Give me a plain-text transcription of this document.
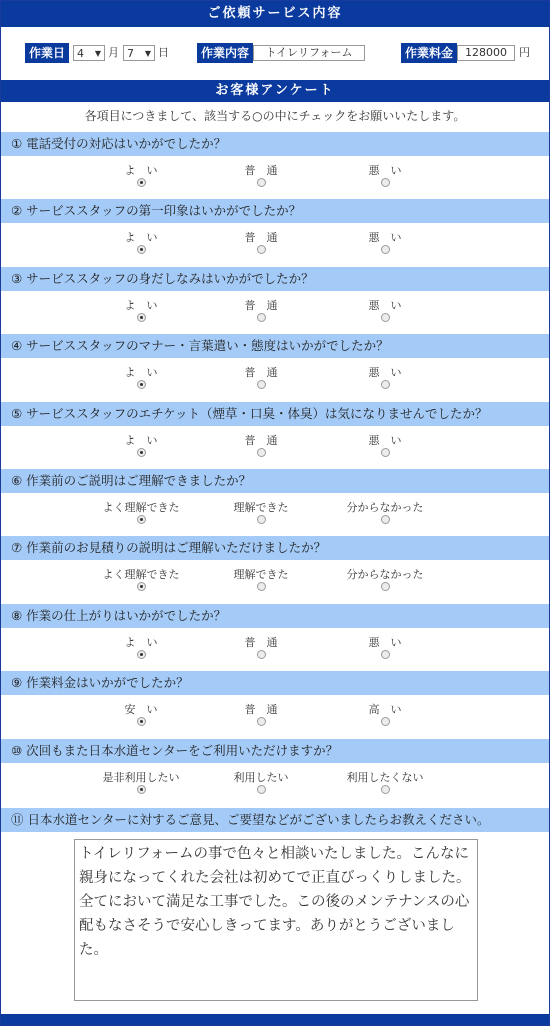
ご依頼サービス内容
作業日	4 ▼ 月 7 ▼ 日	作業内容	トイレリフォーム	作業料金	128000	円
お客様アンケート
各項目につきまして、該当する○の中にチェックをお願いいたします。
① 電話受付の対応はいかがでしたか？
よ　い	普　通	悪　い
② サービススタッフの第一印象はいかがでしたか？
よ　い	普　通	悪　い
③ サービススタッフの身だしなみはいかがでしたか？
よ　い	普　通	悪　い
④ サービススタッフのマナー・言葉遣い・態度はいかがでしたか？
よ　い	普　通	悪　い
⑤ サービススタッフのエチケット（煙草・口臭・体臭）は気になりませんでしたか？
よ　い	普　通	悪　い
⑥ 作業前のご説明はご理解できましたか？
よく理解できた	理解できた	分からなかった
⑦ 作業前のお見積りの説明はご理解いただけましたか？
よく理解できた	理解できた	分からなかった
⑧ 作業の仕上がりはいかがでしたか？
よ　い	普　通	悪　い
⑨ 作業料金はいかがでしたか？
安　い	普　通	高　い
⑩ 次回もまた日本水道センターをご利用いただけますか？
是非利用したい	利用したい	利用したくない
⑪ 日本水道センターに対するご意見、ご要望などがございましたらお教えください。
トイレリフォームの事で色々と相談いたしました。こんなに親身になってくれた会社は初めてで正直びっくりしました。全てにおいて満足な工事でした。この後のメンテナンスの心配もなさそうで安心しきってます。ありがとうございました。
